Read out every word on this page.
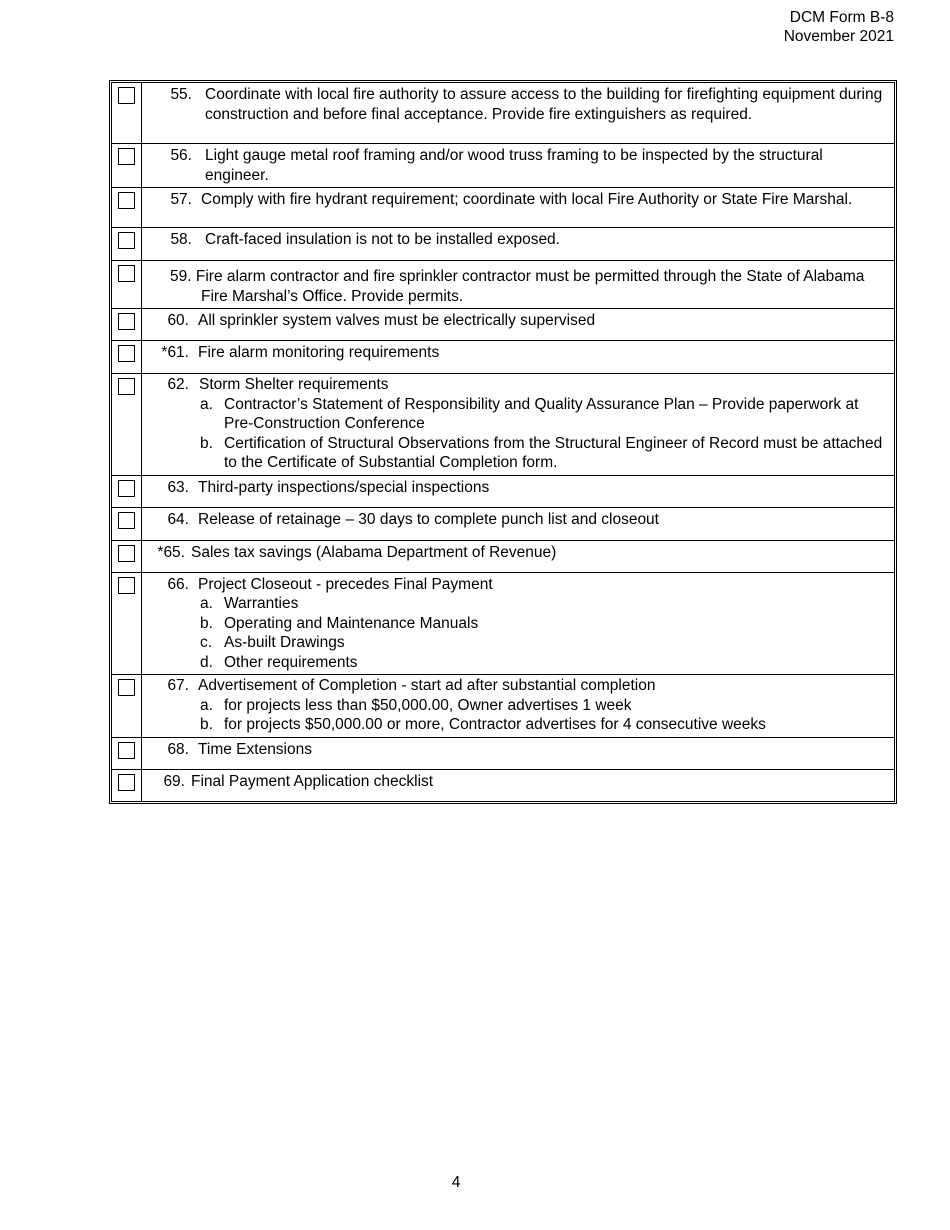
DCM Form B-8
November 2021
55. Coordinate with local fire authority to assure access to the building for firefighting equipment during construction and before final acceptance. Provide fire extinguishers as required.
56. Light gauge metal roof framing and/or wood truss framing to be inspected by the structural engineer.
57. Comply with fire hydrant requirement; coordinate with local Fire Authority or State Fire Marshal.
58. Craft-faced insulation is not to be installed exposed.
59. Fire alarm contractor and fire sprinkler contractor must be permitted through the State of Alabama Fire Marshal’s Office. Provide permits.
60. All sprinkler system valves must be electrically supervised
*61. Fire alarm monitoring requirements
62. Storm Shelter requirements
a. Contractor’s Statement of Responsibility and Quality Assurance Plan – Provide paperwork at Pre-Construction Conference
b. Certification of Structural Observations from the Structural Engineer of Record must be attached to the Certificate of Substantial Completion form.
63. Third-party inspections/special inspections
64. Release of retainage – 30 days to complete punch list and closeout
*65. Sales tax savings (Alabama Department of Revenue)
66. Project Closeout - precedes Final Payment
a. Warranties
b. Operating and Maintenance Manuals
c. As-built Drawings
d. Other requirements
67. Advertisement of Completion - start ad after substantial completion
a. for projects less than $50,000.00, Owner advertises 1 week
b. for projects $50,000.00 or more, Contractor advertises for 4 consecutive weeks
68. Time Extensions
69. Final Payment Application checklist
4
